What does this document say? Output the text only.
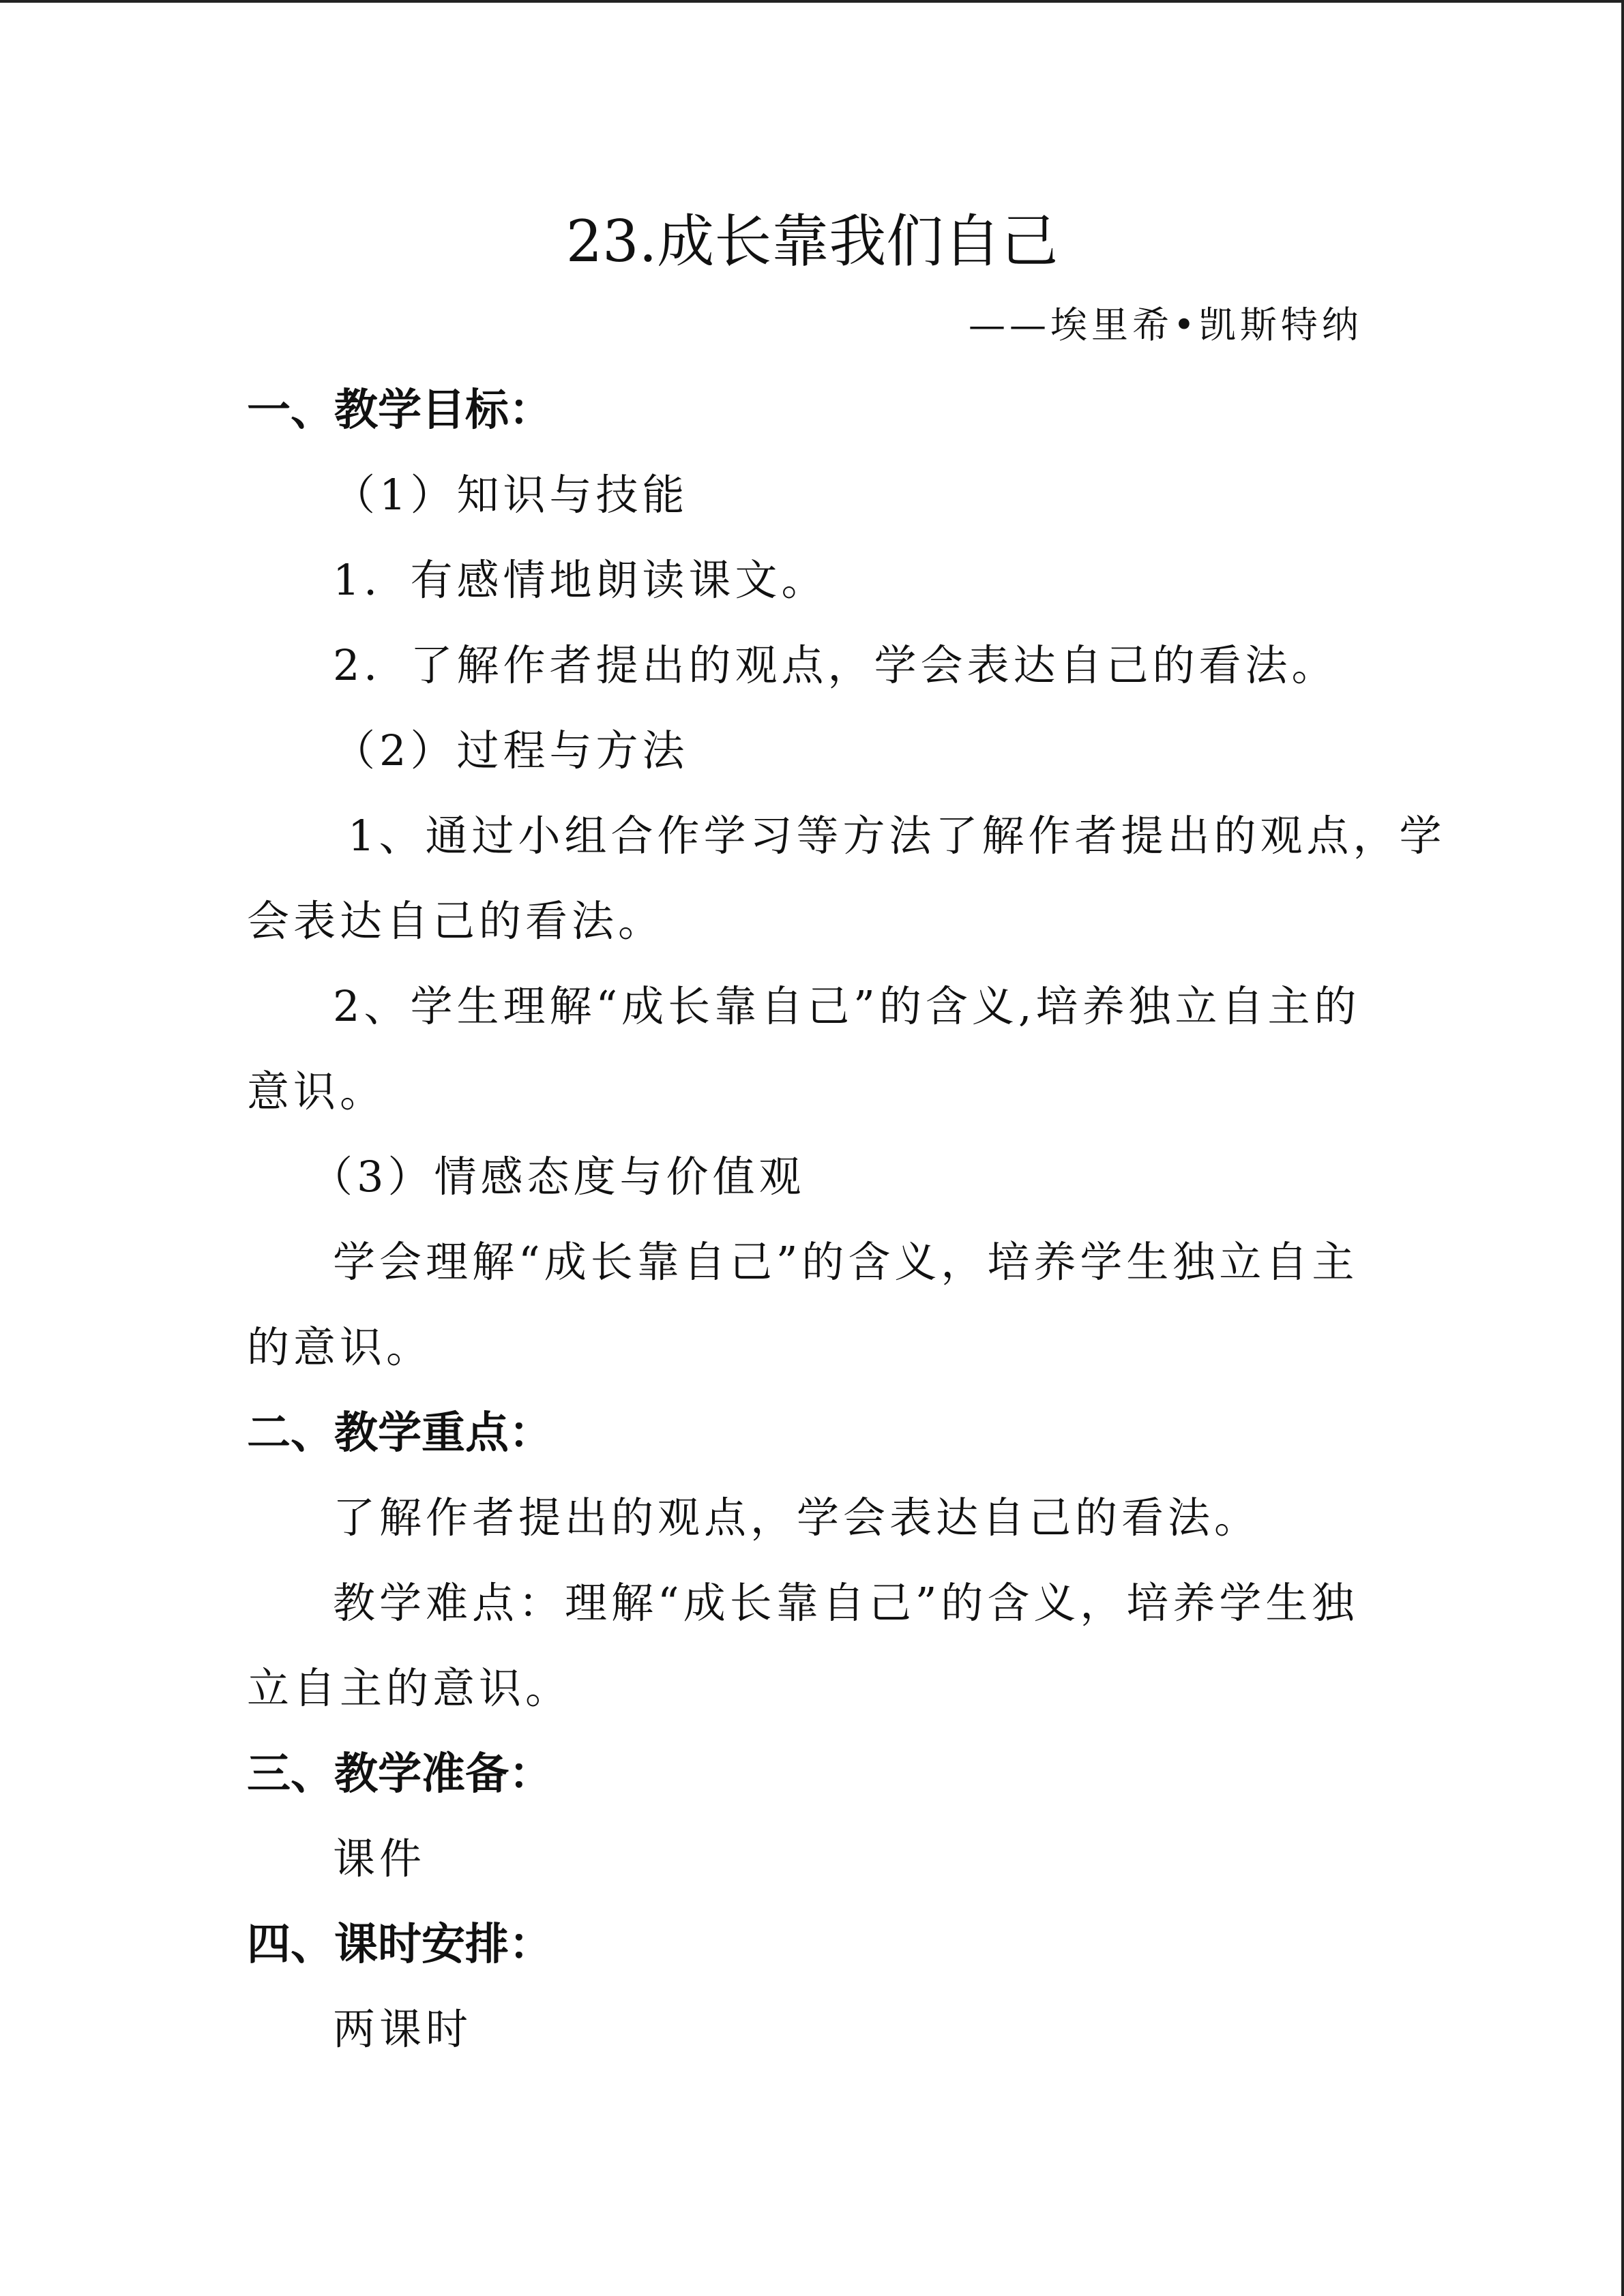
23.成长靠我们自己
——埃里希•凯斯特纳
一、教学目标：
（1）知识与技能
1．有感情地朗读课文。
2．了解作者提出的观点，学会表达自己的看法。
（2）过程与方法
1、通过小组合作学习等方法了解作者提出的观点，学
会表达自己的看法。
2、学生理解“成长靠自己”的含义,培养独立自主的
意识。
（3）情感态度与价值观
学会理解“成长靠自己”的含义，培养学生独立自主
的意识。
二、教学重点：
了解作者提出的观点，学会表达自己的看法。
教学难点：理解“成长靠自己”的含义，培养学生独
立自主的意识。
三、教学准备：
课件
四、课时安排：
两课时
